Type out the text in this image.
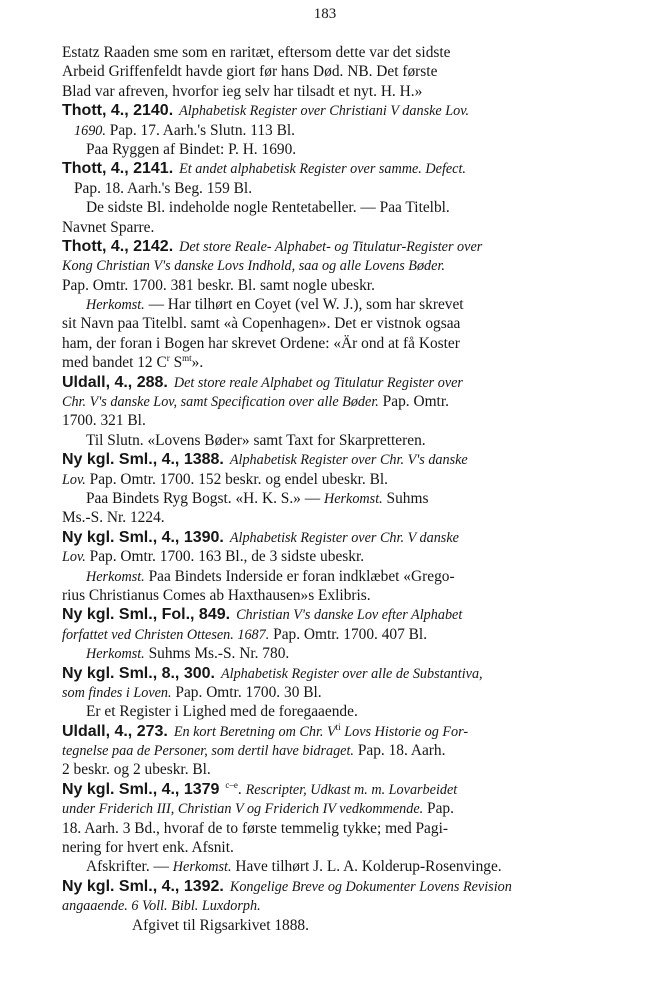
183
Estatz Raaden sme som en raritæt, eftersom dette var det sidste
Arbeid Griffenfeldt havde giort før hans Død. NB. Det første
Blad var afreven, hvorfor ieg selv har tilsadt et nyt. H. H.»
Thott, 4., 2140. Alphabetisk Register over Christiani V danske Lov.
1690. Pap. 17. Aarh.'s Slutn. 113 Bl.
Paa Ryggen af Bindet: P. H. 1690.
Thott, 4., 2141. Et andet alphabetisk Register over samme. Defect.
Pap. 18. Aarh.'s Beg. 159 Bl.
De sidste Bl. indeholde nogle Rentetabeller. — Paa Titelbl.
Navnet Sparre.
Thott, 4., 2142. Det store Reale- Alphabet- og Titulatur-Register over
Kong Christian V's danske Lovs Indhold, saa og alle Lovens Bøder.
Pap. Omtr. 1700. 381 beskr. Bl. samt nogle ubeskr.
Herkomst. — Har tilhørt en Coyet (vel W. J.), som har skrevet
sit Navn paa Titelbl. samt «à Copenhagen». Det er vistnok ogsaa
ham, der foran i Bogen har skrevet Ordene: «Är ond at få Koster
med bandet 12 $C^r$ $S^{mt}$».
Uldall, 4., 288. Det store reale Alphabet og Titulatur Register over
Chr. V's danske Lov, samt Specification over alle Bøder. Pap. Omtr.
1700. 321 Bl.
Til Slutn. «Lovens Bøder» samt Taxt for Skarpretteren.
Ny kgl. Sml., 4., 1388. Alphabetisk Register over Chr. V's danske
Lov. Pap. Omtr. 1700. 152 beskr. og endel ubeskr. Bl.
Paa Bindets Ryg Bogst. «H. K. S.» — Herkomst. Suhms
Ms.-S. Nr. 1224.
Ny kgl. Sml., 4., 1390. Alphabetisk Register over Chr. V danske
Lov. Pap. Omtr. 1700. 163 Bl., de 3 sidste ubeskr.
Herkomst. Paa Bindets Inderside er foran indklæbet «Grego-
rius Christianus Comes ab Haxthausen»s Exlibris.
Ny kgl. Sml., Fol., 849. Christian V's danske Lov efter Alphabet
forfattet ved Christen Ottesen. 1687. Pap. Omtr. 1700. 407 Bl.
Herkomst. Suhms Ms.-S. Nr. 780.
Ny kgl. Sml., 8., 300. Alphabetisk Register over alle de Substantiva,
som findes i Loven. Pap. Omtr. 1700. 30 Bl.
Er et Register i Lighed med de foregaaende.
Uldall, 4., 273. En kort Beretning om Chr. $V^{ti}$ Lovs Historie og For-
tegnelse paa de Personer, som dertil have bidraget. Pap. 18. Aarh.
2 beskr. og 2 ubeskr. Bl.
Ny kgl. Sml., 4., 1379 $^{c-e}$. Rescripter, Udkast m. m. Lovarbeidet
under Friderich III, Christian V og Friderich IV vedkommende. Pap.
18. Aarh. 3 Bd., hvoraf de to første temmelig tykke; med Pagi-
nering for hvert enk. Afsnit.
Afskrifter. — Herkomst. Have tilhørt J. L. A. Kolderup-Rosenvinge.
Ny kgl. Sml., 4., 1392. Kongelige Breve og Dokumenter Lovens Revision
angaaende. 6 Voll. Bibl. Luxdorph.
Afgivet til Rigsarkivet 1888.
